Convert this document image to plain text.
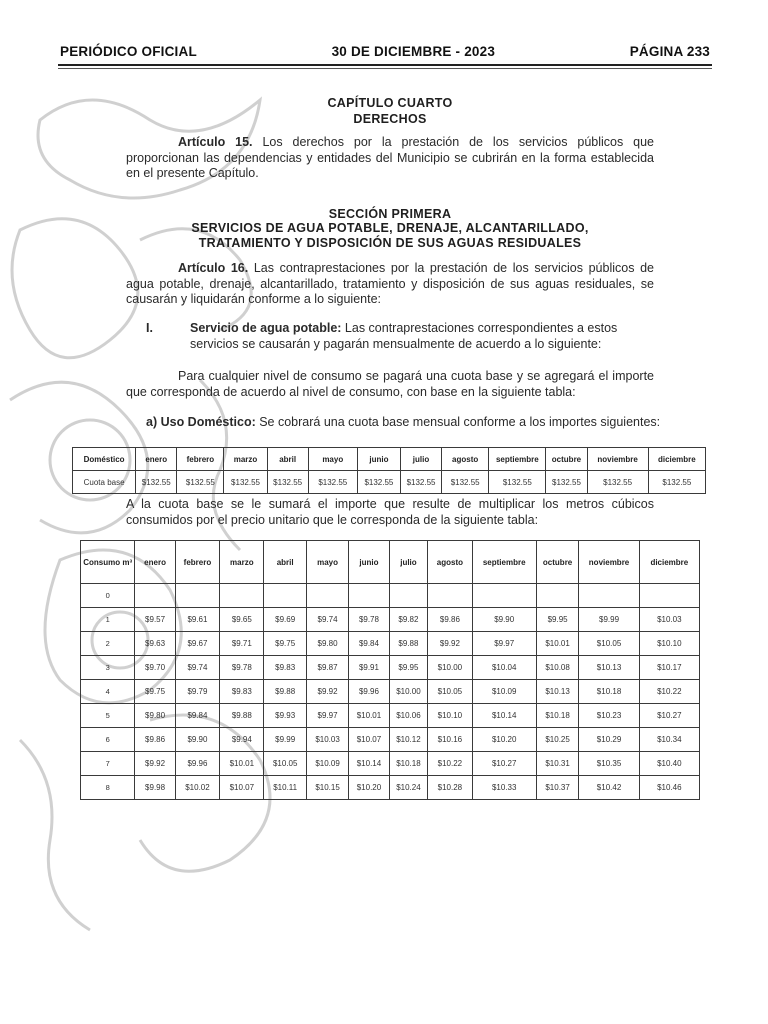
PERIÓDICO OFICIAL	30 DE DICIEMBRE - 2023	PÁGINA 233
CAPÍTULO CUARTO
DERECHOS
Artículo 15. Los derechos por la prestación de los servicios públicos que proporcionan las dependencias y entidades del Municipio se cubrirán en la forma establecida en el presente Capítulo.
SECCIÓN PRIMERA
SERVICIOS DE AGUA POTABLE, DRENAJE, ALCANTARILLADO,
TRATAMIENTO Y DISPOSICIÓN DE SUS AGUAS RESIDUALES
Artículo 16. Las contraprestaciones por la prestación de los servicios públicos de agua potable, drenaje, alcantarillado, tratamiento y disposición de sus aguas residuales, se causarán y liquidarán conforme a lo siguiente:
I.	Servicio de agua potable: Las contraprestaciones correspondientes a estos servicios se causarán y pagarán mensualmente de acuerdo a lo siguiente:
Para cualquier nivel de consumo se pagará una cuota base y se agregará el importe que corresponda de acuerdo al nivel de consumo, con base en la siguiente tabla:
a) Uso Doméstico: Se cobrará una cuota base mensual conforme a los importes siguientes:
Doméstico	enero	febrero	marzo	abril	mayo	junio	julio	agosto	septiembre	octubre	noviembre	diciembre
Cuota base	$132.55	$132.55	$132.55	$132.55	$132.55	$132.55	$132.55	$132.55	$132.55	$132.55	$132.55	$132.55
A la cuota base se le sumará el importe que resulte de multiplicar los metros cúbicos consumidos por el precio unitario que le corresponda de la siguiente tabla:
Consumo m³	enero	febrero	marzo	abril	mayo	junio	julio	agosto	septiembre	octubre	noviembre	diciembre
0												
1	$9.57	$9.61	$9.65	$9.69	$9.74	$9.78	$9.82	$9.86	$9.90	$9.95	$9.99	$10.03
2	$9.63	$9.67	$9.71	$9.75	$9.80	$9.84	$9.88	$9.92	$9.97	$10.01	$10.05	$10.10
3	$9.70	$9.74	$9.78	$9.83	$9.87	$9.91	$9.95	$10.00	$10.04	$10.08	$10.13	$10.17
4	$9.75	$9.79	$9.83	$9.88	$9.92	$9.96	$10.00	$10.05	$10.09	$10.13	$10.18	$10.22
5	$9.80	$9.84	$9.88	$9.93	$9.97	$10.01	$10.06	$10.10	$10.14	$10.18	$10.23	$10.27
6	$9.86	$9.90	$9.94	$9.99	$10.03	$10.07	$10.12	$10.16	$10.20	$10.25	$10.29	$10.34
7	$9.92	$9.96	$10.01	$10.05	$10.09	$10.14	$10.18	$10.22	$10.27	$10.31	$10.35	$10.40
8	$9.98	$10.02	$10.07	$10.11	$10.15	$10.20	$10.24	$10.28	$10.33	$10.37	$10.42	$10.46
